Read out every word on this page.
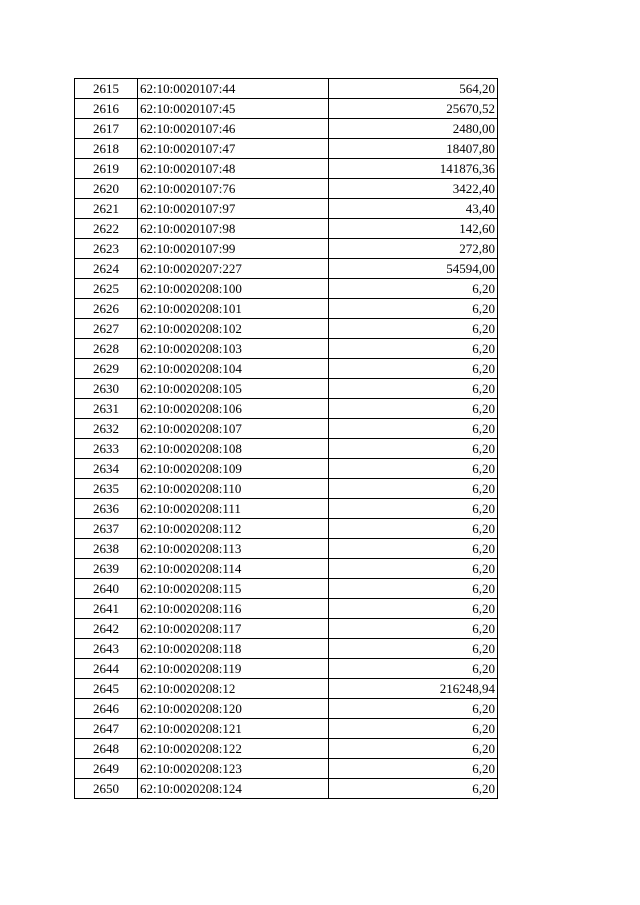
2615	62:10:0020107:44	564,20
2616	62:10:0020107:45	25670,52
2617	62:10:0020107:46	2480,00
2618	62:10:0020107:47	18407,80
2619	62:10:0020107:48	141876,36
2620	62:10:0020107:76	3422,40
2621	62:10:0020107:97	43,40
2622	62:10:0020107:98	142,60
2623	62:10:0020107:99	272,80
2624	62:10:0020207:227	54594,00
2625	62:10:0020208:100	6,20
2626	62:10:0020208:101	6,20
2627	62:10:0020208:102	6,20
2628	62:10:0020208:103	6,20
2629	62:10:0020208:104	6,20
2630	62:10:0020208:105	6,20
2631	62:10:0020208:106	6,20
2632	62:10:0020208:107	6,20
2633	62:10:0020208:108	6,20
2634	62:10:0020208:109	6,20
2635	62:10:0020208:110	6,20
2636	62:10:0020208:111	6,20
2637	62:10:0020208:112	6,20
2638	62:10:0020208:113	6,20
2639	62:10:0020208:114	6,20
2640	62:10:0020208:115	6,20
2641	62:10:0020208:116	6,20
2642	62:10:0020208:117	6,20
2643	62:10:0020208:118	6,20
2644	62:10:0020208:119	6,20
2645	62:10:0020208:12	216248,94
2646	62:10:0020208:120	6,20
2647	62:10:0020208:121	6,20
2648	62:10:0020208:122	6,20
2649	62:10:0020208:123	6,20
2650	62:10:0020208:124	6,20
